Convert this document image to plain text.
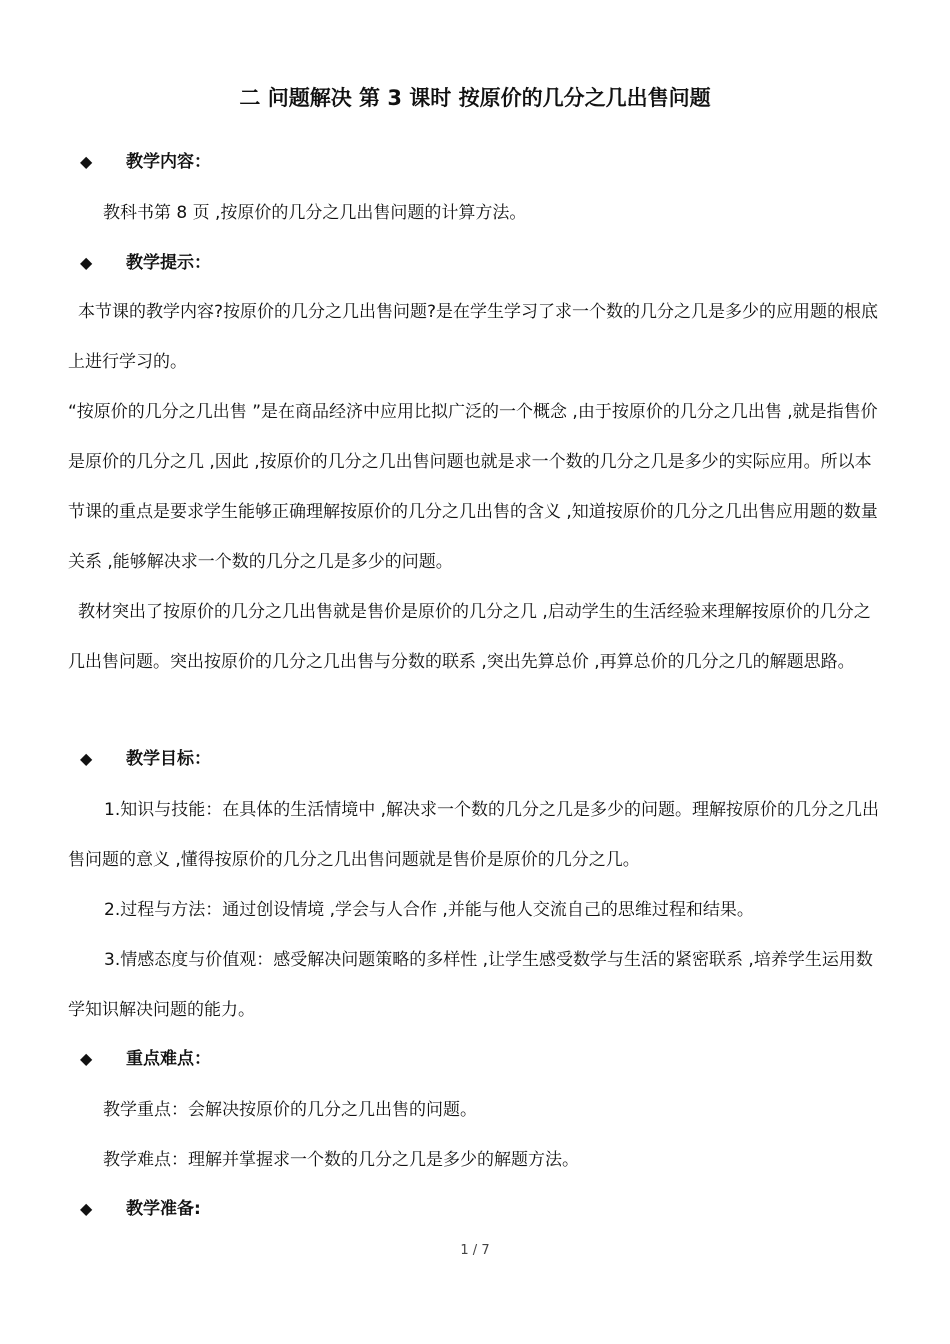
二 问题解决 第 3 课时 按原价的几分之几出售问题
◆ 教学内容：
教科书第 8 页 ,按原价的几分之几出售问题的计算方法。
◆ 教学提示：
本节课的教学内容?按原价的几分之几出售问题?是在学生学习了求一个数的几分之几是多少的应用题的根底上进行学习的。
“按原价的几分之几出售 ”是在商品经济中应用比拟广泛的一个概念 ,由于按原价的几分之几出售 ,就是指售价是原价的几分之几 ,因此 ,按原价的几分之几出售问题也就是求一个数的几分之几是多少的实际应用。所以本节课的重点是要求学生能够正确理解按原价的几分之几出售的含义 ,知道按原价的几分之几出售应用题的数量关系 ,能够解决求一个数的几分之几是多少的问题。
教材突出了按原价的几分之几出售就是售价是原价的几分之几 ,启动学生的生活经验来理解按原价的几分之几出售问题。突出按原价的几分之几出售与分数的联系 ,突出先算总价 ,再算总价的几分之几的解题思路。
◆ 教学目标：
1.知识与技能：在具体的生活情境中 ,解决求一个数的几分之几是多少的问题。理解按原价的几分之几出售问题的意义 ,懂得按原价的几分之几出售问题就是售价是原价的几分之几。
2.过程与方法：通过创设情境 ,学会与人合作 ,并能与他人交流自己的思维过程和结果。
3.情感态度与价值观：感受解决问题策略的多样性 ,让学生感受数学与生活的紧密联系 ,培养学生运用数学知识解决问题的能力。
◆ 重点难点：
教学重点：会解决按原价的几分之几出售的问题。
教学难点：理解并掌握求一个数的几分之几是多少的解题方法。
◆ 教学准备:
1 / 7
